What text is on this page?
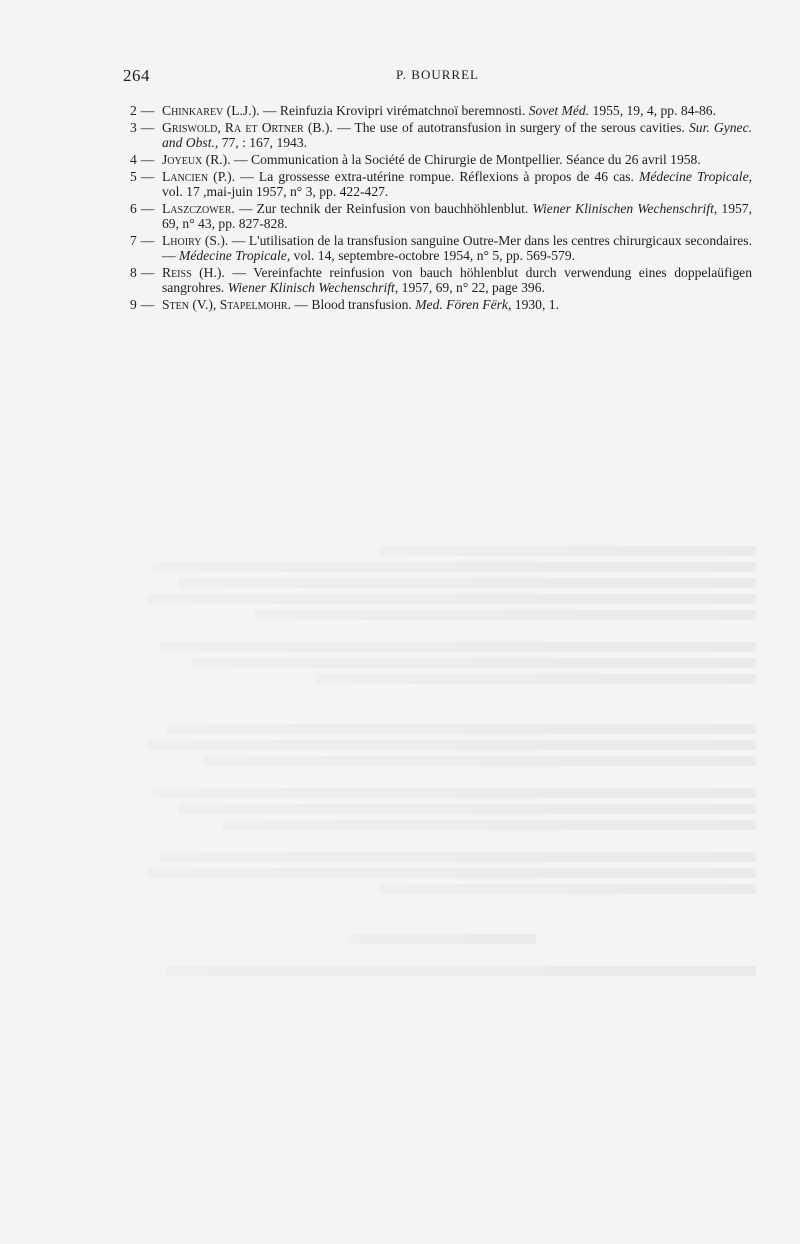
264	P. BOURREL
2 — Chinkarev (L.J.). — Reinfuzia Krovipri virématchnoï beremnosti. Sovet Méd. 1955, 19, 4, pp. 84-86.
3 — Griswold, Ra et Ortner (B.). — The use of autotransfusion in surgery of the serous cavities. Sur. Gynec. and Obst., 77, : 167, 1943.
4 — Joyeux (R.). — Communication à la Société de Chirurgie de Montpellier. Séance du 26 avril 1958.
5 — Lancien (P.). — La grossesse extra-utérine rompue. Réflexions à propos de 46 cas. Médecine Tropicale, vol. 17 ,mai-juin 1957, n° 3, pp. 422-427.
6 — Laszczower. — Zur technik der Reinfusion von bauchhöhlenblut. Wiener Klinischen Wechenschrift, 1957, 69, n° 43, pp. 827-828.
7 — Lhoiry (S.). — L'utilisation de la transfusion sanguine Outre-Mer dans les centres chirurgicaux secondaires. — Médecine Tropicale, vol. 14, septembre-octobre 1954, n° 5, pp. 569-579.
8 — Reiss (H.). — Vereinfachte reinfusion von bauch höhlenblut durch verwendung eines doppelaüfigen sangrohres. Wiener Klinisch Wechenschrift, 1957, 69, n° 22, page 396.
9 — Sten (V.), Stapelmohr. — Blood transfusion. Med. Fören Fërk, 1930, 1.
